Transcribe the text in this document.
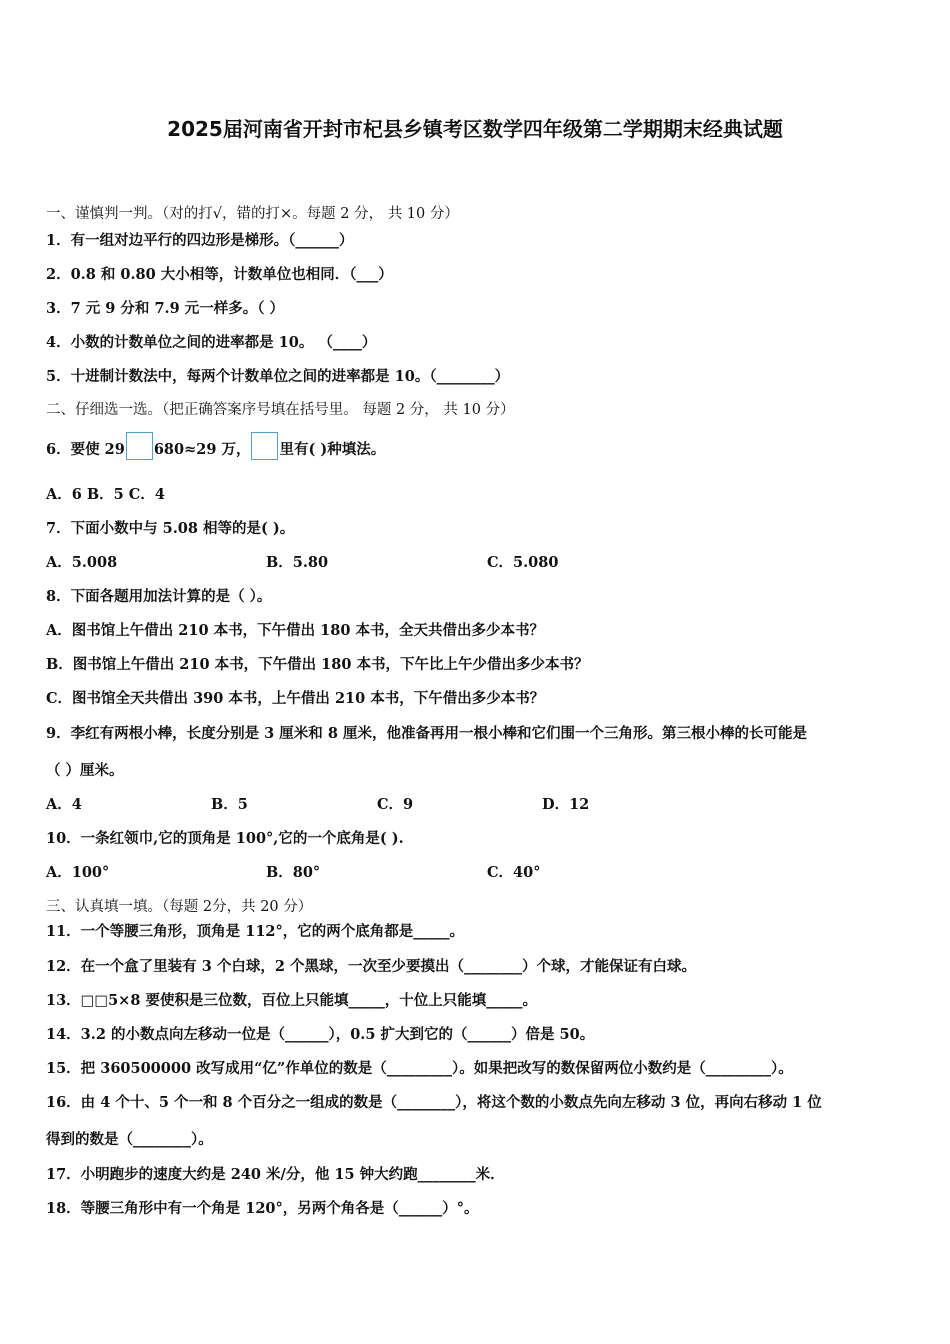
2025届河南省开封市杞县乡镇考区数学四年级第二学期期末经典试题
一、谨慎判一判。（对的打√，错的打×。每题 2 分， 共 10 分）
1．有一组对边平行的四边形是梯形。（______）
2．0.8 和 0.80 大小相等，计数单位也相同．（___）
3．7 元 9 分和 7.9 元一样多。（ ）
4．小数的计数单位之间的进率都是 10。 （____）
5．十进制计数法中，每两个计数单位之间的进率都是 10。（________）
二、仔细选一选。（把正确答案序号填在括号里。 每题 2 分， 共 10 分）
6．要使 29 680≈29 万， 里有( )种填法。
A．6 B．5 C．4
7．下面小数中与 5.08 相等的是( )。
A．5.008	B．5.80	C．5.080
8．下面各题用加法计算的是（ ）。
A．图书馆上午借出 210 本书，下午借出 180 本书，全天共借出多少本书？
B．图书馆上午借出 210 本书，下午借出 180 本书，下午比上午少借出多少本书？
C．图书馆全天共借出 390 本书，上午借出 210 本书，下午借出多少本书？
9．李红有两根小棒，长度分别是 3 厘米和 8 厘米，他准备再用一根小棒和它们围一个三角形。第三根小棒的长可能是
（ ）厘米。
A．4	B．5	C．9	D．12
10．一条红领巾,它的顶角是 100°,它的一个底角是( ).
A．100°	B．80°	C．40°
三、认真填一填。（每题 2分，共 20 分）
11．一个等腰三角形，顶角是 112°，它的两个底角都是_____。
12．在一个盒了里装有 3 个白球，2 个黑球，一次至少要摸出（________）个球，才能保证有白球。
13．□□5×8 要使积是三位数，百位上只能填_____，十位上只能填_____。
14．3.2 的小数点向左移动一位是（______），0.5 扩大到它的（______）倍是 50。
15．把 360500000 改写成用“亿”作单位的数是（_________）。如果把改写的数保留两位小数约是（_________）。
16．由 4 个十、5 个一和 8 个百分之一组成的数是（________），将这个数的小数点先向左移动 3 位，再向右移动 1 位
得到的数是（________）。
17．小明跑步的速度大约是 240 米/分，他 15 钟大约跑________米．
18．等腰三角形中有一个角是 120°，另两个角各是（______）°。
